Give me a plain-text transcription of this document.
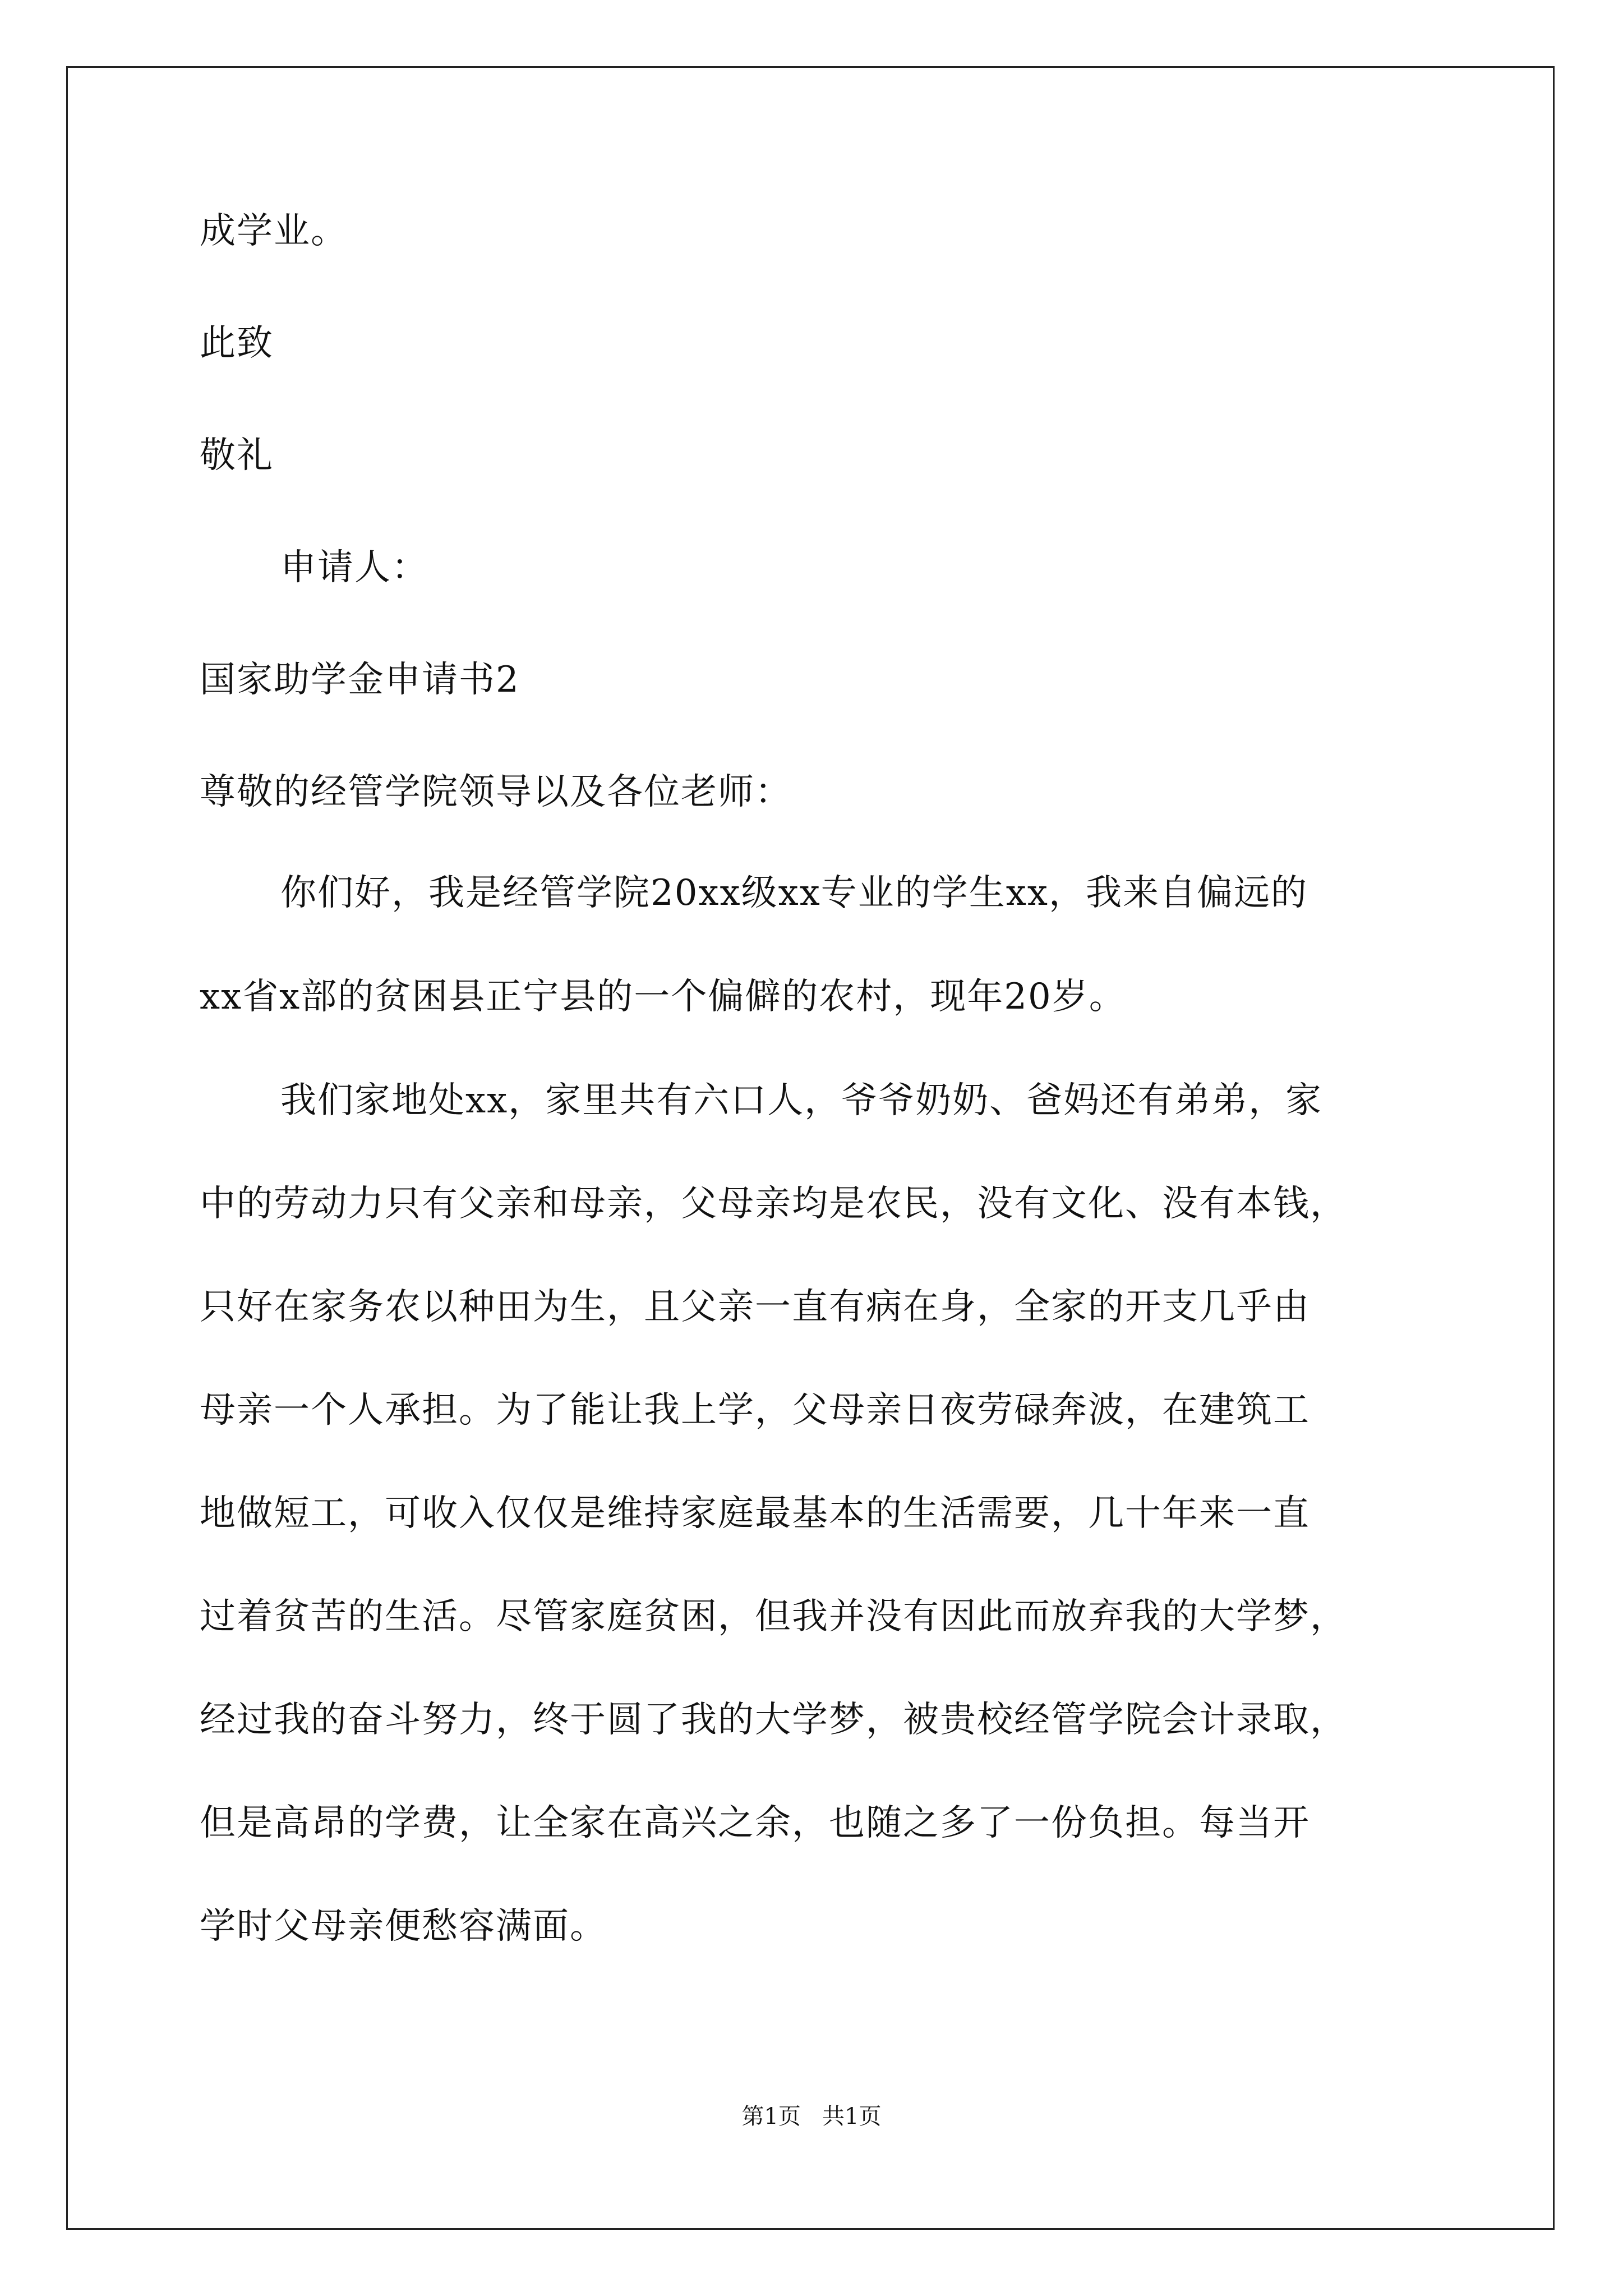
成学业。
此致
敬礼
申请人：
国家助学金申请书2
尊敬的经管学院领导以及各位老师：
你们好，我是经管学院20xx级xx专业的学生xx，我来自偏远的
xx省x部的贫困县正宁县的一个偏僻的农村，现年20岁。
我们家地处xx，家里共有六口人，爷爷奶奶、爸妈还有弟弟，家
中的劳动力只有父亲和母亲，父母亲均是农民，没有文化、没有本钱，
只好在家务农以种田为生，且父亲一直有病在身，全家的开支几乎由
母亲一个人承担。为了能让我上学，父母亲日夜劳碌奔波，在建筑工
地做短工，可收入仅仅是维持家庭最基本的生活需要，几十年来一直
过着贫苦的生活。尽管家庭贫困，但我并没有因此而放弃我的大学梦，
经过我的奋斗努力，终于圆了我的大学梦，被贵校经管学院会计录取，
但是高昂的学费，让全家在高兴之余，也随之多了一份负担。每当开
学时父母亲便愁容满面。
第1页   共1页
